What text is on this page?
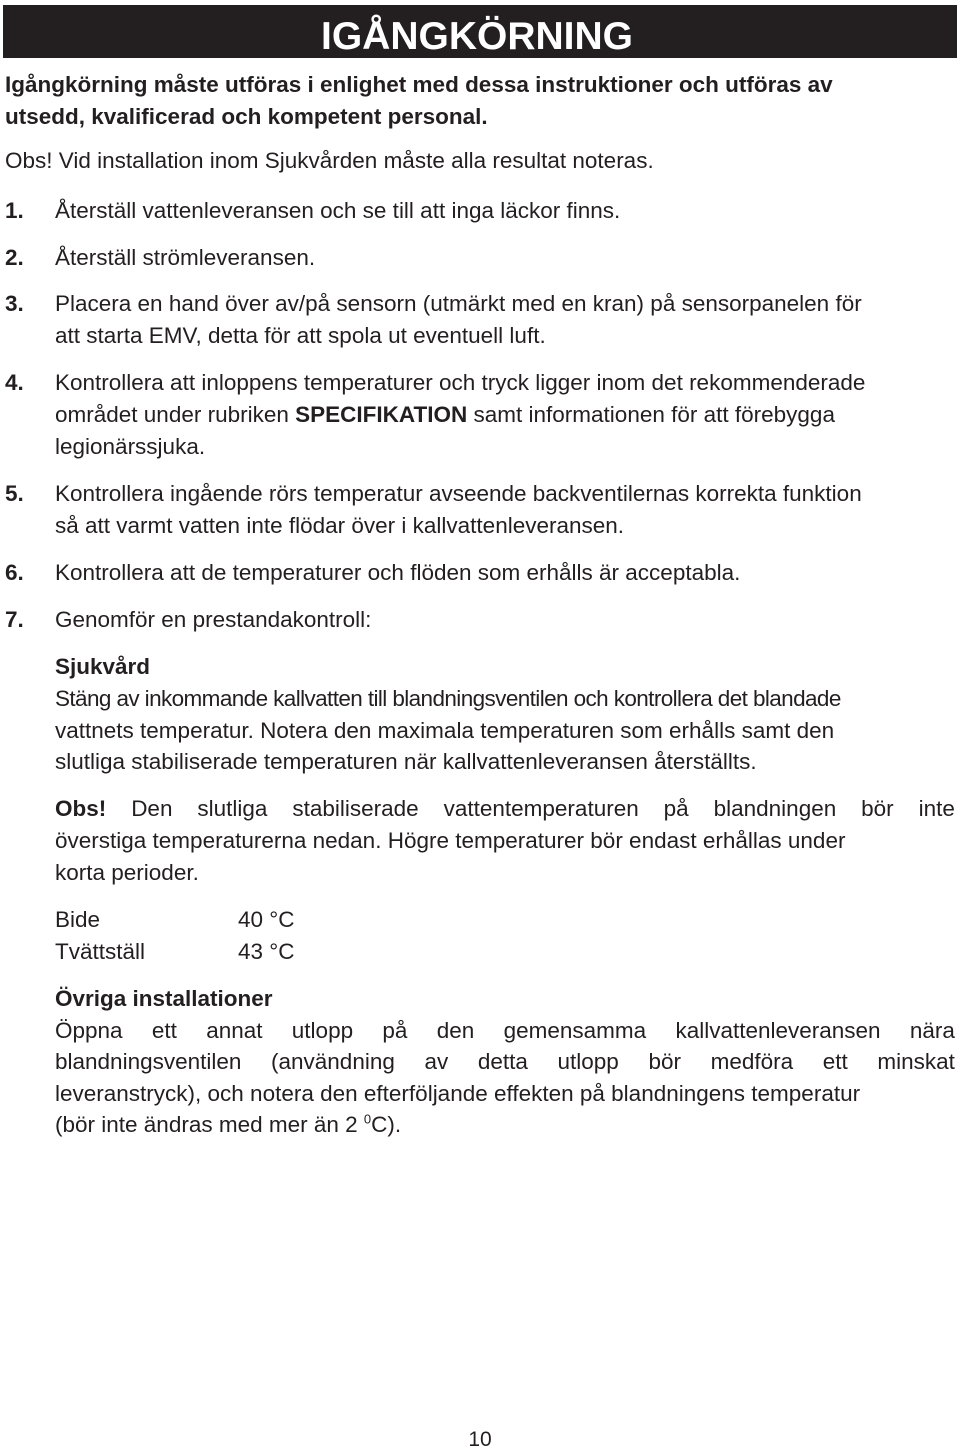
IGÅNGKÖRNING

Igångkörning måste utföras i enlighet med dessa instruktioner och utföras av

utsedd, kvalificerad och kompetent personal.

Obs! Vid installation inom Sjukvården måste alla resultat noteras.

1. Återställ vattenleveransen och se till att inga läckor finns.

2. Återställ strömleveransen.

3. Placera en hand över av/på sensorn (utmärkt med en kran) på sensorpanelen för

att starta EMV, detta för att spola ut eventuell luft.

4. Kontrollera att inloppens temperaturer och tryck ligger inom det rekommenderade

området under rubriken SPECIFIKATION samt informationen för att förebygga

legionärssjuka.

5. Kontrollera ingående rörs temperatur avseende backventilernas korrekta funktion

så att varmt vatten inte flödar över i kallvattenleveransen.

6. Kontrollera att de temperaturer och flöden som erhålls är acceptabla.

7. Genomför en prestandakontroll:

Sjukvård

Stäng av inkommande kallvatten till blandningsventilen och kontrollera det blandade

vattnets temperatur. Notera den maximala temperaturen som erhålls samt den

slutliga stabiliserade temperaturen när kallvattenleveransen återställts.

Obs! Den slutliga stabiliserade vattentemperaturen på blandningen bör inte

överstiga temperaturerna nedan. Högre temperaturer bör endast erhållas under

korta perioder.

Bide	40 °C
Tvättställ	43 °C

Övriga installationer

Öppna ett annat utlopp på den gemensamma kallvattenleveransen nära

blandningsventilen (användning av detta utlopp bör medföra ett minskat

leveranstryck), och notera den efterföljande effekten på blandningens temperatur

(bör inte ändras med mer än 2 $^0$C).

10
